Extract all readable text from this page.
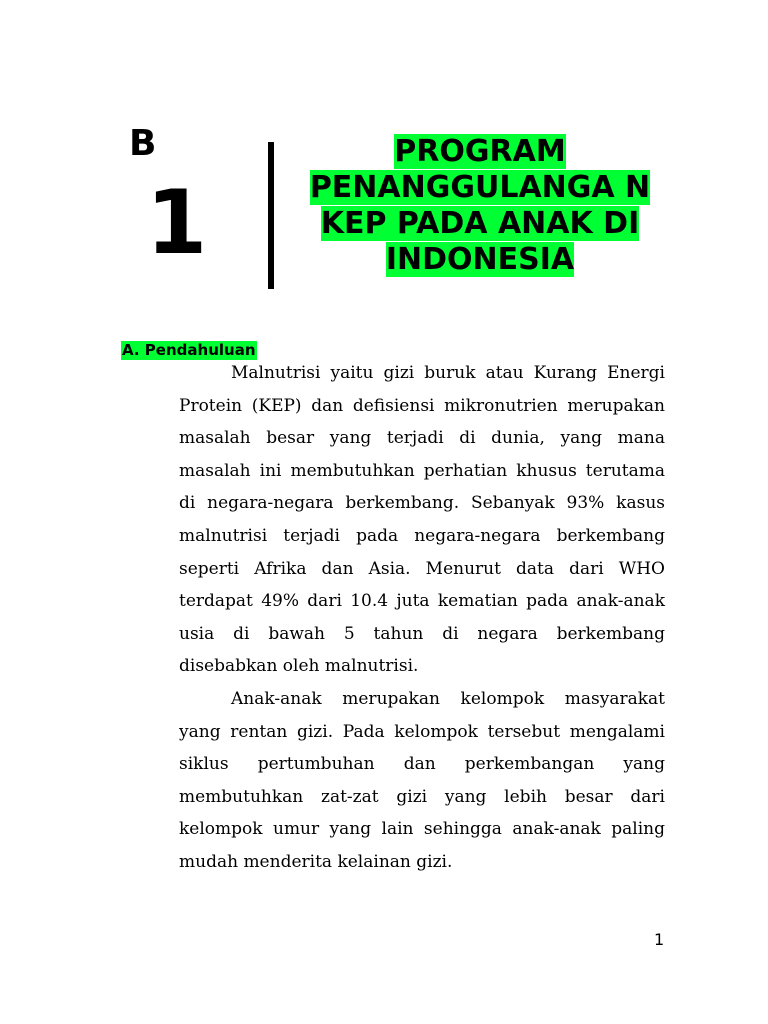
B
1
PROGRAM PENANGGULANGA N KEP PADA ANAK DI INDONESIA
A. Pendahuluan

Malnutrisi yaitu gizi buruk atau Kurang Energi Protein (KEP) dan defisiensi mikronutrien merupakan masalah besar yang terjadi di dunia, yang mana masalah ini membutuhkan perhatian khusus terutama di negara-negara berkembang. Sebanyak 93% kasus malnutrisi terjadi pada negara-negara berkembang seperti Afrika dan Asia. Menurut data dari WHO terdapat 49% dari 10.4 juta kematian pada anak-anak usia di bawah 5 tahun di negara berkembang disebabkan oleh malnutrisi.

Anak-anak merupakan kelompok masyarakat yang rentan gizi. Pada kelompok tersebut mengalami siklus pertumbuhan dan perkembangan yang membutuhkan zat-zat gizi yang lebih besar dari kelompok umur yang lain sehingga anak-anak paling mudah menderita kelainan gizi.

1
